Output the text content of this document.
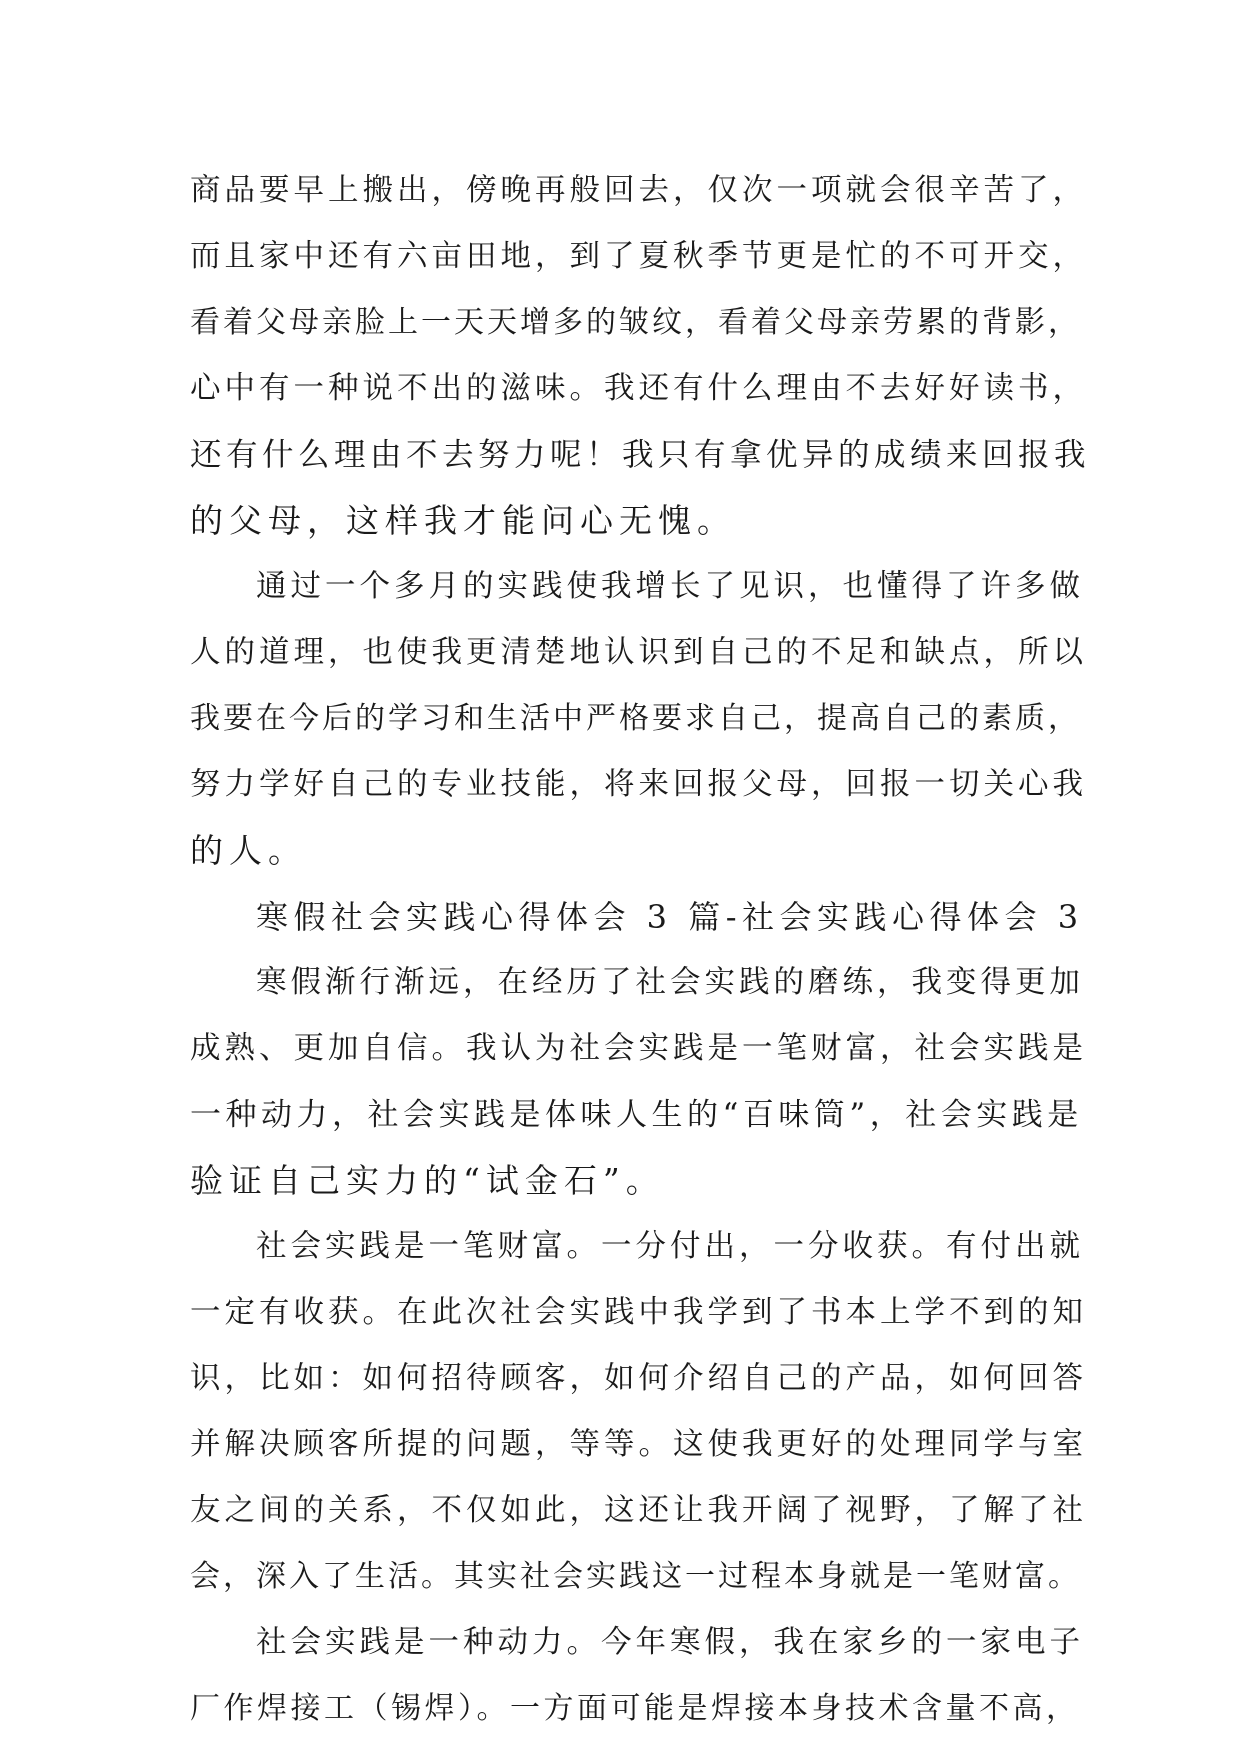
商品要早上搬出，傍晚再般回去，仅次一项就会很辛苦了，
而且家中还有六亩田地，到了夏秋季节更是忙的不可开交，
看着父母亲脸上一天天增多的皱纹，看着父母亲劳累的背影，
心中有一种说不出的滋味。我还有什么理由不去好好读书，
还有什么理由不去努力呢！我只有拿优异的成绩来回报我
的父母，这样我才能问心无愧。
通过一个多月的实践使我增长了见识，也懂得了许多做
人的道理，也使我更清楚地认识到自己的不足和缺点，所以
我要在今后的学习和生活中严格要求自己，提高自己的素质，
努力学好自己的专业技能，将来回报父母，回报一切关心我
的人。
寒假社会实践心得体会 3 篇-社会实践心得体会 3
寒假渐行渐远，在经历了社会实践的磨练，我变得更加
成熟、更加自信。我认为社会实践是一笔财富，社会实践是
一种动力，社会实践是体味人生的“百味筒”，社会实践是
验证自己实力的“试金石”。
社会实践是一笔财富。一分付出，一分收获。有付出就
一定有收获。在此次社会实践中我学到了书本上学不到的知
识，比如：如何招待顾客，如何介绍自己的产品，如何回答
并解决顾客所提的问题，等等。这使我更好的处理同学与室
友之间的关系，不仅如此，这还让我开阔了视野，了解了社
会，深入了生活。其实社会实践这一过程本身就是一笔财富。
社会实践是一种动力。今年寒假，我在家乡的一家电子
厂作焊接工（锡焊）。一方面可能是焊接本身技术含量不高，
